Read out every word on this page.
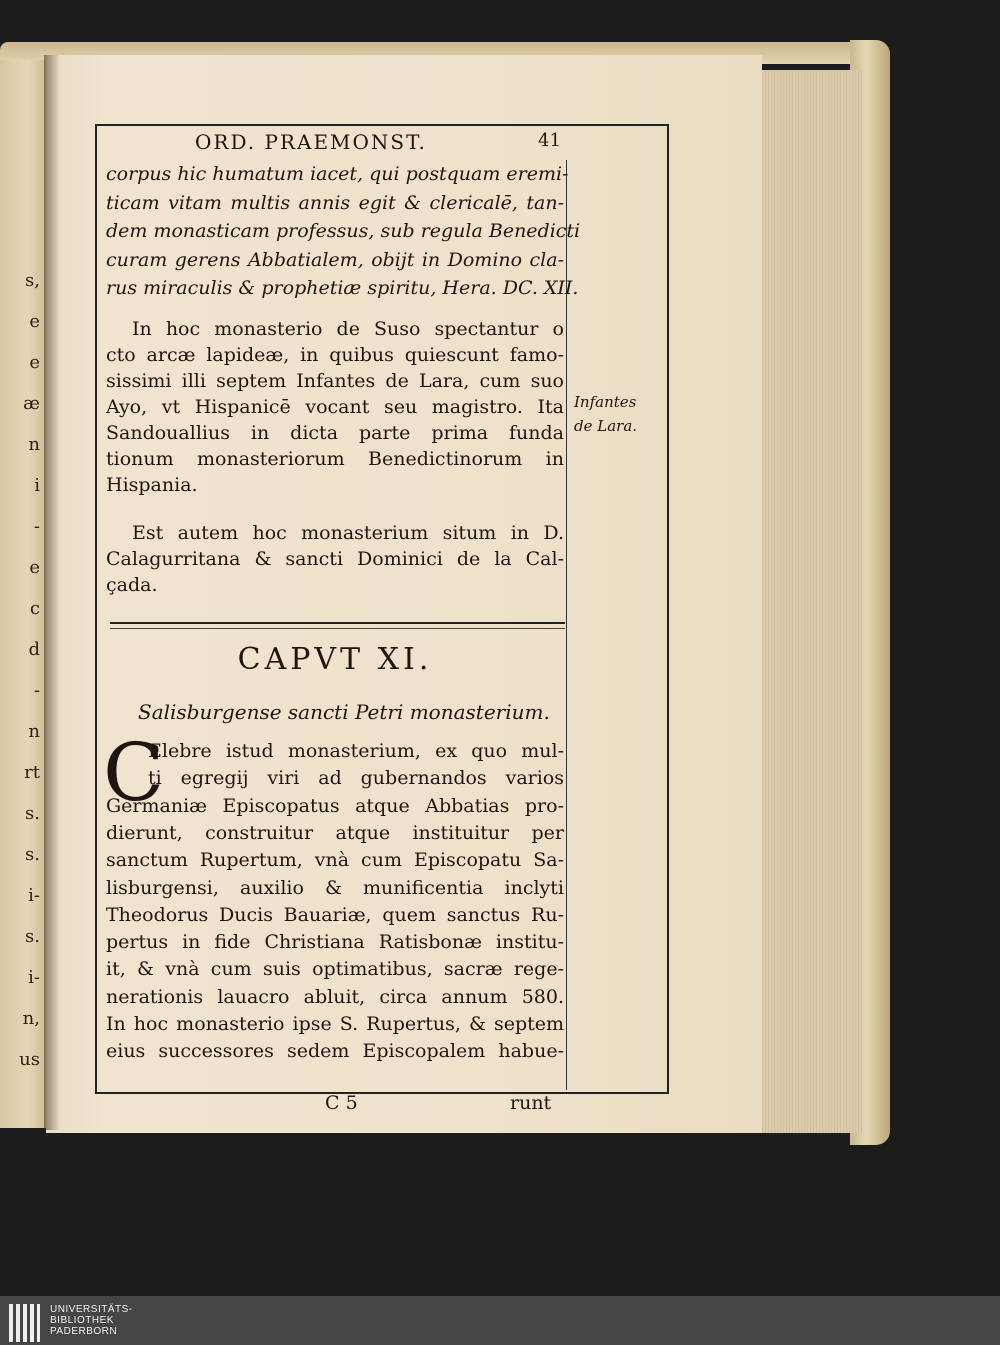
s,
e
e
æ
n
i
-
e
c
d
-
n
rt
s.
s.
i-
s.
i-
n,
us
ORD. PRAEMONST.	41
corpus hic humatum iacet, qui postquam eremi-
ticam vitam multis annis egit & clericalē, tan-
dem monasticam professus, sub regula Benedicti
curam gerens Abbatialem, obijt in Domino cla-
rus miraculis & prophetiæ spiritu, Hera. DC. XII.
In hoc monasterio de Suso spectantur o
cto arcæ lapideæ, in quibus quiescunt famo-
sissimi illi septem Infantes de Lara, cum suo
Ayo, vt Hispanicē vocant seu magistro. Ita
Sandouallius in dicta parte prima funda
tionum monasteriorum Benedictinorum in
Hispania.
Est autem hoc monasterium situm in D.
Calagurritana & sancti Dominici de la Cal-
çada.
Infantes
de Lara.
CAPVT XI.
Salisburgense sancti Petri monasterium.
C
Elebre istud monasterium, ex quo mul-
ti egregij viri ad gubernandos varios
Germaniæ Episcopatus atque Abbatias pro-
dierunt, construitur atque instituitur per
sanctum Rupertum, vnà cum Episcopatu Sa-
lisburgensi, auxilio & munificentia inclyti
Theodorus Ducis Bauariæ, quem sanctus Ru-
pertus in fide Christiana Ratisbonæ institu-
it, & vnà cum suis optimatibus, sacræ rege-
nerationis lauacro abluit, circa annum 580.
In hoc monasterio ipse S. Rupertus, & septem
eius successores sedem Episcopalem habue-
C 5	runt
UNIVERSITÄTS-
BIBLIOTHEK
PADERBORN
